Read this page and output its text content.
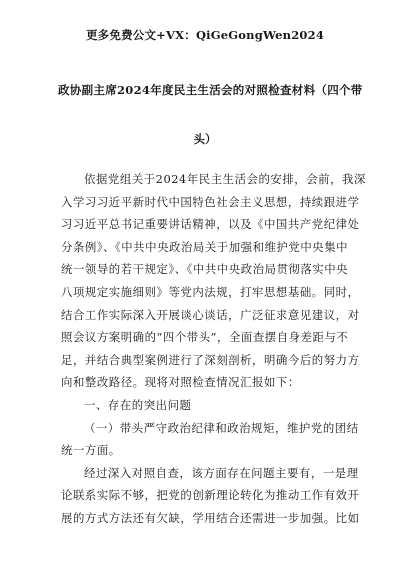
更多免费公文+VX：QiGeGongWen2024
政协副主席2024年度民主生活会的对照检查材料（四个带
头）
依据党组关于2024年民主生活会的安排，会前，我深
入学习习近平新时代中国特色社会主义思想，持续跟进学
习习近平总书记重要讲话精神，以及《中国共产党纪律处
分条例》、《中共中央政治局关于加强和维护党中央集中
统一领导的若干规定》、《中共中央政治局贯彻落实中央
八项规定实施细则》等党内法规，打牢思想基础。同时，
结合工作实际深入开展谈心谈话，广泛征求意见建议，对
照会议方案明确的“四个带头”，全面查摆自身差距与不
足，并结合典型案例进行了深刻剖析，明确今后的努力方
向和整改路径。现将对照检查情况汇报如下：
一、存在的突出问题
（一）带头严守政治纪律和政治规矩，维护党的团结
统一方面。
经过深入对照自查，该方面存在问题主要有，一是理
论联系实际不够，把党的创新理论转化为推动工作有效开
展的方式方法还有欠缺，学用结合还需进一步加强。比如
